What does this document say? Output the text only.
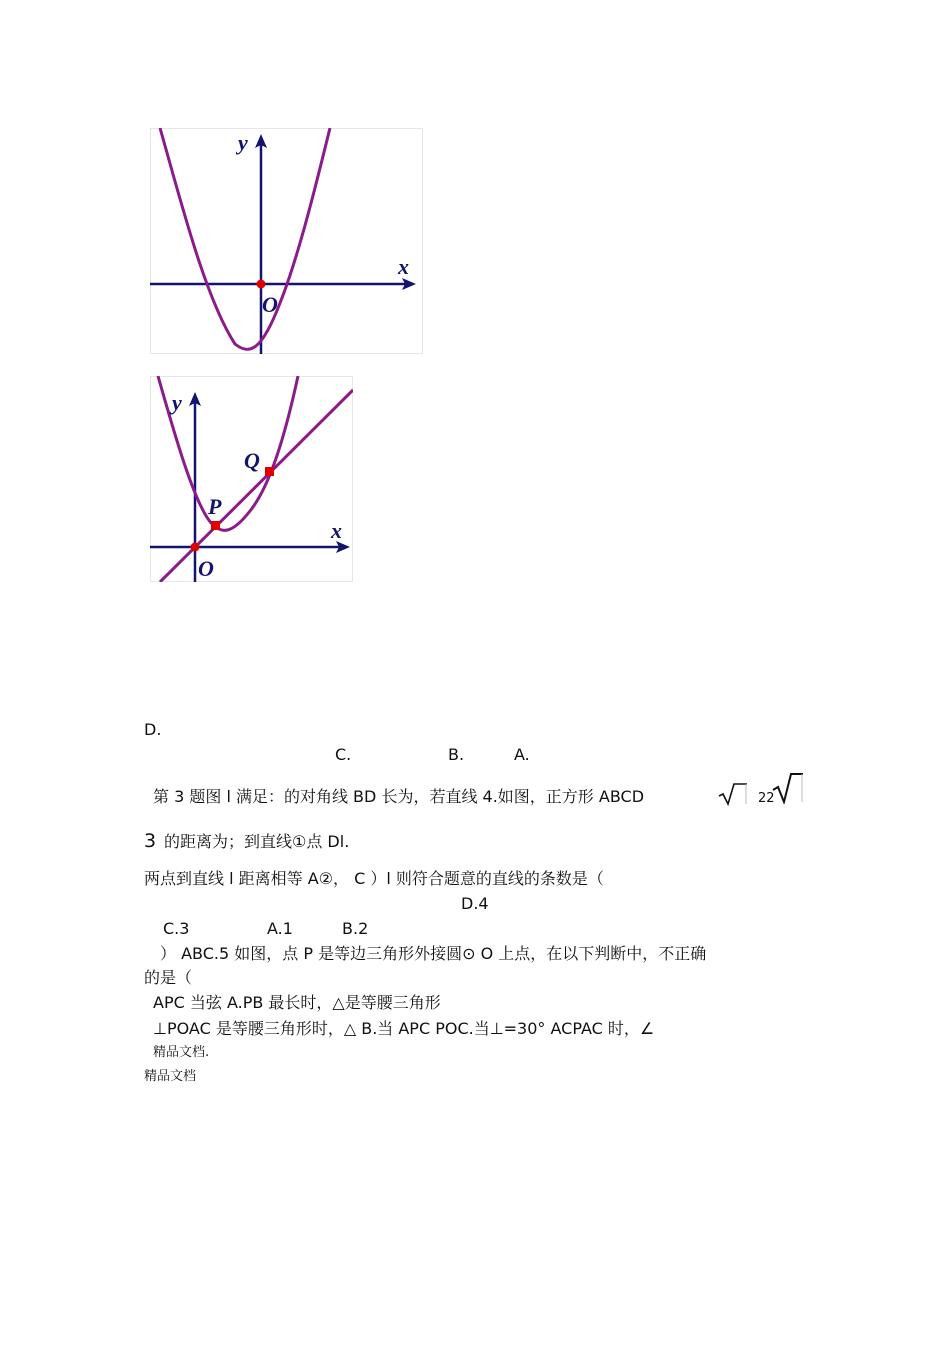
y
x
O
y
x
P
Q
O
D.
C.	B.	A.
第 3 题图 l 满足：的对角线 BD 长为，若直线 4.如图，正方形 ABCD	22
3 的距离为；到直线①点 Dl.
两点到直线 l 距离相等 A②， C ）l 则符合题意的直线的条数是（
D.4
C.3	A.1	B.2
） ABC.5 如图，点 P 是等边三角形外接圆⊙ O 上点，在以下判断中，不正确
的是（
APC 当弦 A.PB 最长时，△是等腰三角形
⊥POAC 是等腰三角形时，△ B.当 APC POC.当⊥=30° ACPAC 时，∠
精品文档.
精品文档
